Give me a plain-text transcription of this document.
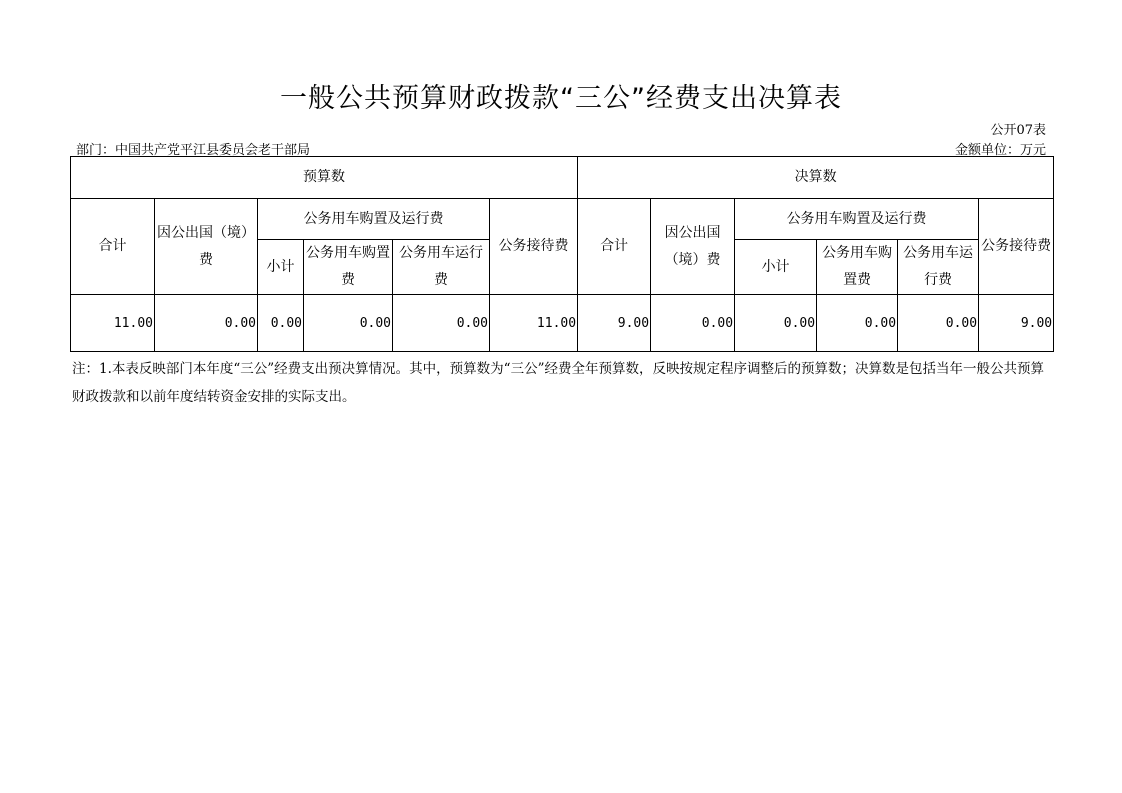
一般公共预算财政拨款“三公”经费支出决算表
公开07表
部门：中国共产党平江县委员会老干部局	金额单位：万元
预算数						决算数					
合计	因公出国（境）费	公务用车购置及运行费			公务接待费	合计	因公出国（境）费	公务用车购置及运行费			公务接待费
		小计	公务用车购置费	公务用车运行费				小计	公务用车购置费	公务用车运行费	
11.00	0.00	0.00	0.00	0.00	11.00	9.00	0.00	0.00	0.00	0.00	9.00
注：1.本表反映部门本年度“三公”经费支出预决算情况。其中，预算数为“三公”经费全年预算数，反映按规定程序调整后的预算数；决算数是包括当年一般公共预算财政拨款和以前年度结转资金安排的实际支出。
